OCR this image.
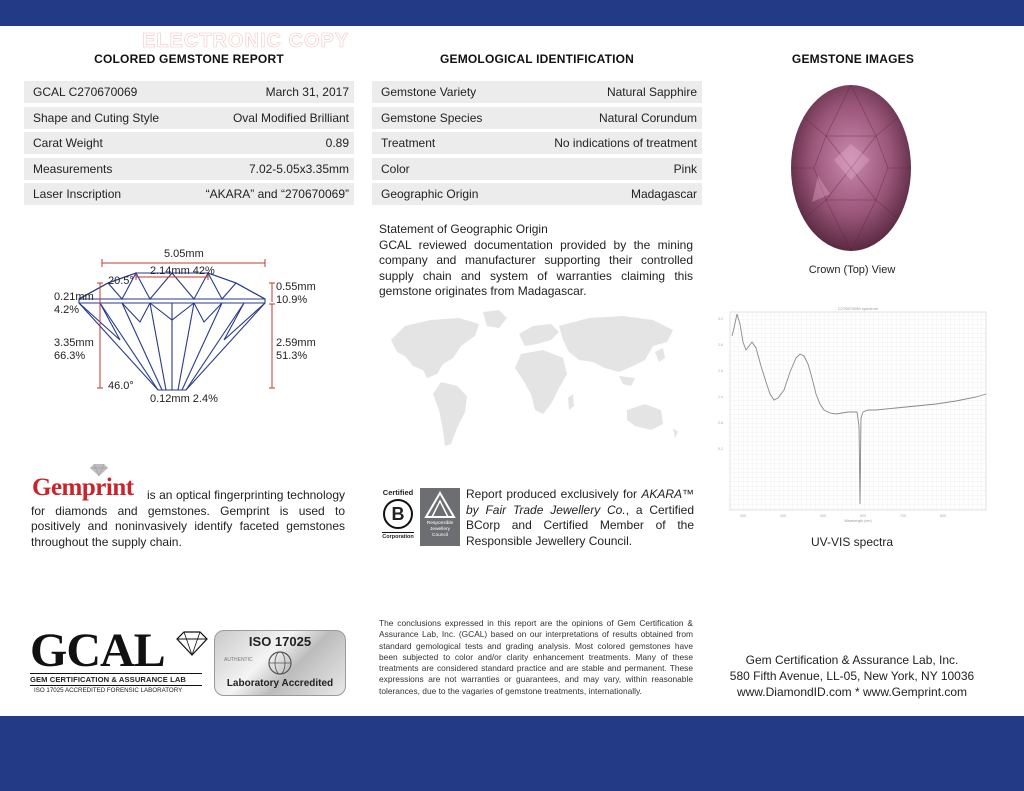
COLORED GEMSTONE REPORT
ELECTRONIC COPY
GEMOLOGICAL IDENTIFICATION	GEMSTONE IMAGES
GCAL C270670069	March 31, 2017
Shape and Cuting Style	Oval Modified Brilliant
Carat Weight	0.89
Measurements	7.02-5.05x3.35mm
Laser Inscription	“AKARA” and “270670069”
Gemstone Variety	Natural Sapphire
Gemstone Species	Natural Corundum
Treatment	No indications of treatment
Color	Pink
Geographic Origin	Madagascar
5.05mm
2.14mm 42%
20.5°
0.21mm
4.2%
0.55mm
10.9%
3.35mm
66.3%
2.59mm
51.3%
46.0°
0.12mm 2.4%
Statement of Geographic Origin
GCAL reviewed documentation provided by the mining company and manufacturer supporting their controlled supply chain and system of warranties claiming this gemstone originates from Madagascar.
Crown (Top) View
C270670069 spectrum
3.2
2.6
2.0
1.4
0.8
0.2
300	400	500	600	700	800
Wavelength (nm)
UV-VIS spectra
Gemprint	is an optical fingerprinting technology for diamonds and gemstones. Gemprint is used to positively and noninvasively identify faceted gemstones throughout the supply chain.
Certified
B
Corporation
Responsible
Jewellery
Council
Report produced exclusively for AKARA™ by Fair Trade Jewellery Co., a Certified BCorp and Certified Member of the Responsible Jewellery Council.
GCAL
GEM CERTIFICATION & ASSURANCE LAB
ISO 17025 ACCREDITED FORENSIC LABORATORY
ISO 17025
AUTHENTIC
Laboratory Accredited
The conclusions expressed in this report are the opinions of Gem Certification & Assurance Lab, Inc. (GCAL) based on our interpretations of results obtained from standard gemological tests and grading analysis. Most colored gemstones have been subjected to color and/or clarity enhancement treatments. Many of these treatments are considered standard practice and are stable and permanent. These expressions are not warranties or guarantees, and may vary, within reasonable tolerances, due to the vagaries of gemstone treatments, internationally.
Gem Certification & Assurance Lab, Inc.
580 Fifth Avenue, LL-05, New York, NY 10036
www.DiamondID.com * www.Gemprint.com
